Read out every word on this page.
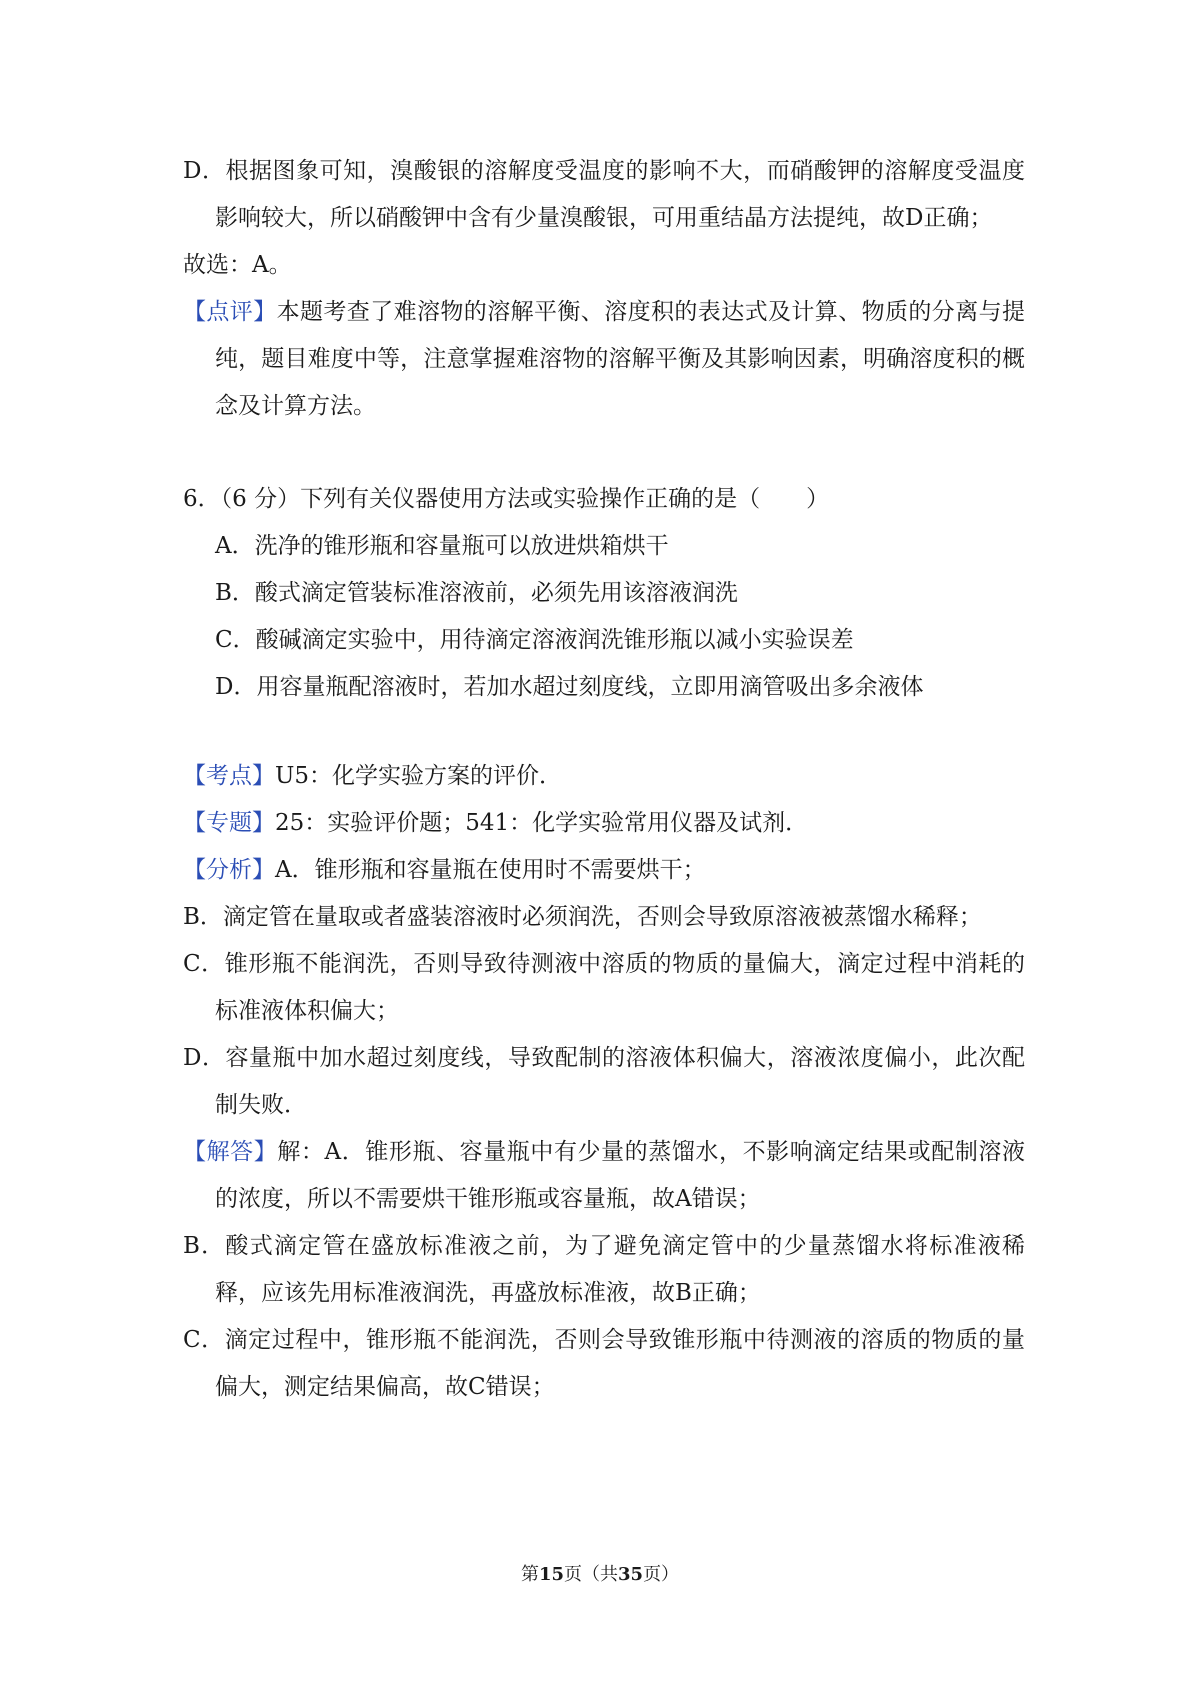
D．根据图象可知，溴酸银的溶解度受温度的影响不大，而硝酸钾的溶解度受温度影响较大，所以硝酸钾中含有少量溴酸银，可用重结晶方法提纯，故D正确；

故选：A。

【点评】本题考查了难溶物的溶解平衡、溶度积的表达式及计算、物质的分离与提纯，题目难度中等，注意掌握难溶物的溶解平衡及其影响因素，明确溶度积的概念及计算方法。

6．（6 分）下列有关仪器使用方法或实验操作正确的是（　　）

A．洗净的锥形瓶和容量瓶可以放进烘箱烘干

B．酸式滴定管装标准溶液前，必须先用该溶液润洗

C．酸碱滴定实验中，用待滴定溶液润洗锥形瓶以减小实验误差

D．用容量瓶配溶液时，若加水超过刻度线，立即用滴管吸出多余液体

【考点】U5：化学实验方案的评价．

【专题】25：实验评价题；541：化学实验常用仪器及试剂．

【分析】A．锥形瓶和容量瓶在使用时不需要烘干；

B．滴定管在量取或者盛装溶液时必须润洗，否则会导致原溶液被蒸馏水稀释；

C．锥形瓶不能润洗，否则导致待测液中溶质的物质的量偏大，滴定过程中消耗的标准液体积偏大；

D．容量瓶中加水超过刻度线，导致配制的溶液体积偏大，溶液浓度偏小，此次配制失败．

【解答】解：A．锥形瓶、容量瓶中有少量的蒸馏水，不影响滴定结果或配制溶液的浓度，所以不需要烘干锥形瓶或容量瓶，故A错误；

B．酸式滴定管在盛放标准液之前，为了避免滴定管中的少量蒸馏水将标准液稀释，应该先用标准液润洗，再盛放标准液，故B正确；

C．滴定过程中，锥形瓶不能润洗，否则会导致锥形瓶中待测液的溶质的物质的量偏大，测定结果偏高，故C错误；

第15页（共35页）
